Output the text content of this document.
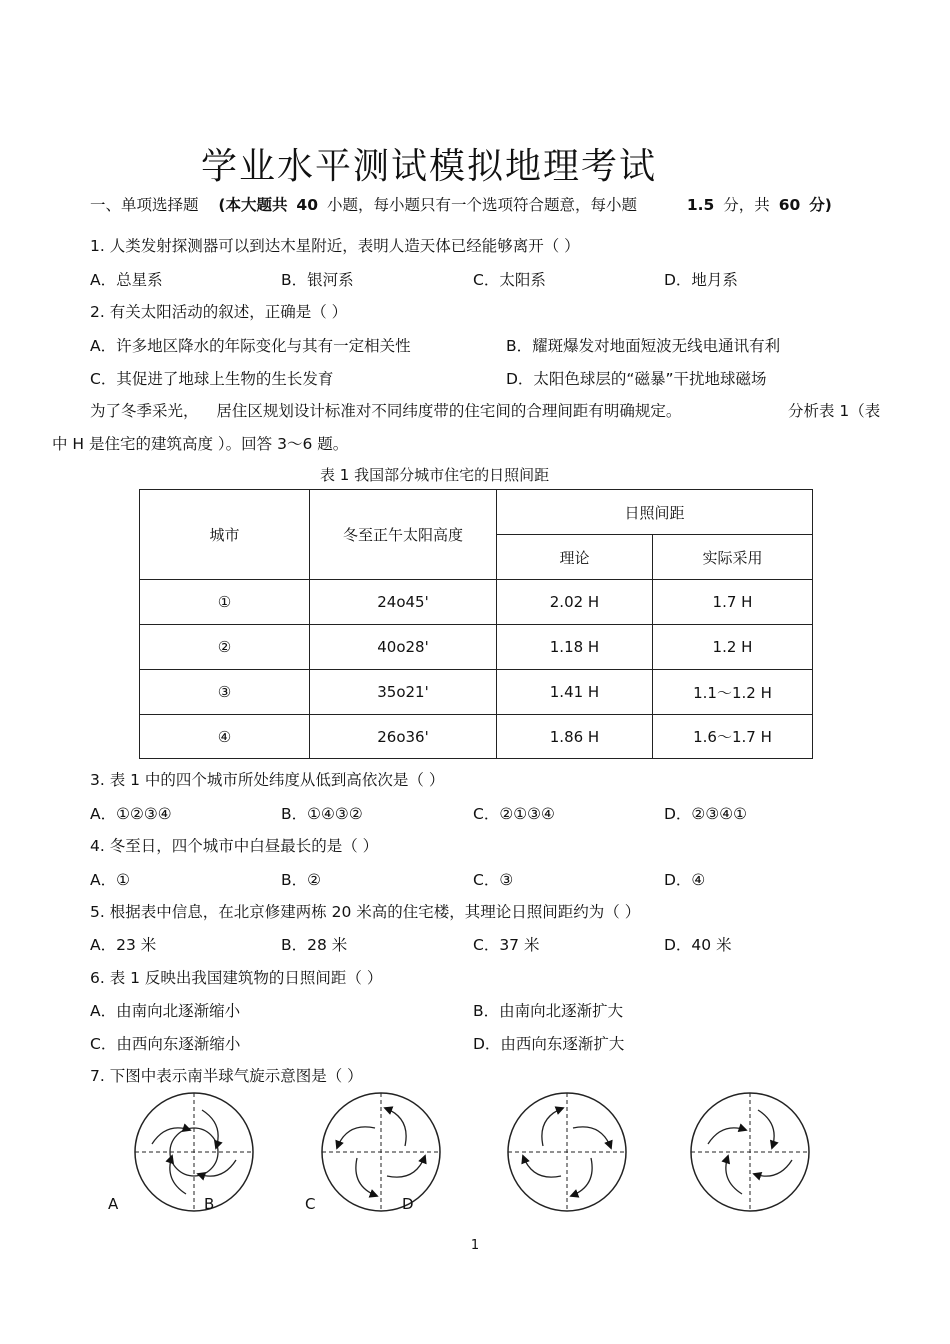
学业水平测试模拟地理考试
一、单项选择题 (本大题共 40 小题，每小题只有一个选项符合题意，每小题	1.5 分，共 60 分)
1. 人类发射探测器可以到达木星附近，表明人造天体已经能够离开（ ）
A．总星系	B．银河系	C．太阳系	D．地月系
2. 有关太阳活动的叙述，正确是（ ）
A．许多地区降水的年际变化与其有一定相关性	B．耀斑爆发对地面短波无线电通讯有利
C．其促进了地球上生物的生长发育	D．太阳色球层的“磁暴”干扰地球磁场
为了冬季采光， 居住区规划设计标准对不同纬度带的住宅间的合理间距有明确规定。	分析表 1（表
中 H 是住宅的建筑高度 ）。回答 3～6 题。
表 1 我国部分城市住宅的日照间距
城市	冬至正午太阳高度	日照间距	
		理论	实际采用
①	24o45'	2.02 H	1.7 H
②	40o28'	1.18 H	1.2 H
③	35o21'	1.41 H	1.1～1.2 H
④	26o36'	1.86 H	1.6～1.7 H
3. 表 1 中的四个城市所处纬度从低到高依次是（ ）
A．①②③④	B．①④③②	C．②①③④	D．②③④①
4. 冬至日，四个城市中白昼最长的是（ ）
A．①	B．②	C．③	D．④
5. 根据表中信息，在北京修建两栋 20 米高的住宅楼，其理论日照间距约为（ ）
A．23 米	B．28 米	C．37 米	D．40 米
6. 表 1 反映出我国建筑物的日照间距（ ）
A．由南向北逐渐缩小	B．由南向北逐渐扩大
C．由西向东逐渐缩小	D．由西向东逐渐扩大
7. 下图中表示南半球气旋示意图是（ ）
A	B	C	D
1
